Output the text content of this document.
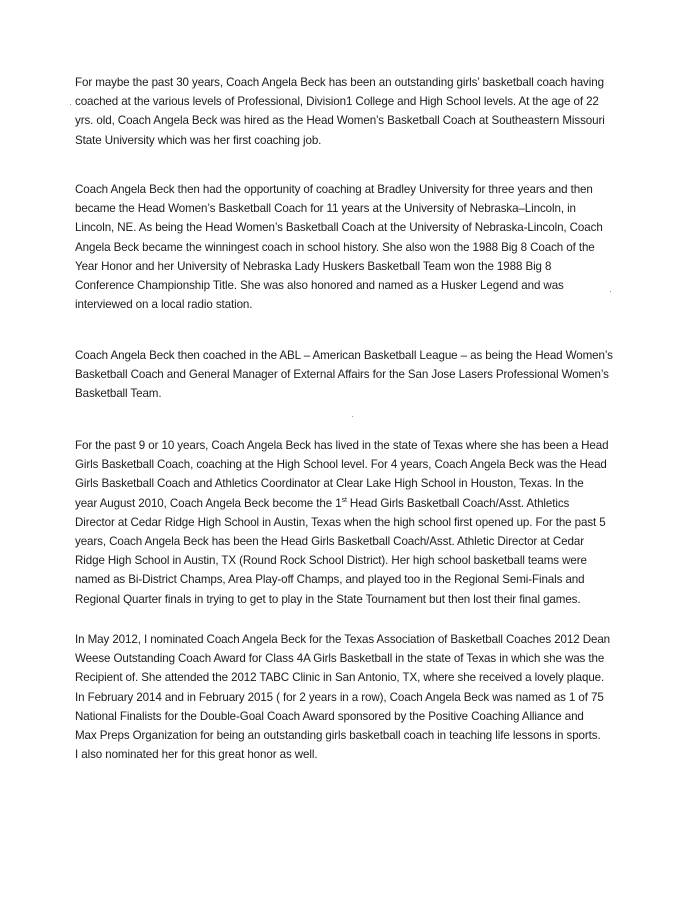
For maybe the past 30 years, Coach Angela Beck has been an outstanding girls’ basketball coach having
coached at the various levels of Professional, Division1 College and High School levels. At the age of 22
yrs. old, Coach Angela Beck was hired as the Head Women’s Basketball Coach at Southeastern Missouri
State University which was her first coaching job.

Coach Angela Beck then had the opportunity of coaching at Bradley University for three years and then
became the Head Women’s Basketball Coach for 11 years at the University of Nebraska–Lincoln, in
Lincoln, NE. As being the Head Women’s Basketball Coach at the University of Nebraska-Lincoln, Coach
Angela Beck became the winningest coach in school history. She also won the 1988 Big 8 Coach of the
Year Honor and her University of Nebraska Lady Huskers Basketball Team won the 1988 Big 8
Conference Championship Title. She was also honored and named as a Husker Legend and was
interviewed on a local radio station.

Coach Angela Beck then coached in the ABL – American Basketball League – as being the Head Women’s
Basketball Coach and General Manager of External Affairs for the San Jose Lasers Professional Women’s
Basketball Team.

For the past 9 or 10 years, Coach Angela Beck has lived in the state of Texas where she has been a Head
Girls Basketball Coach, coaching at the High School level. For 4 years, Coach Angela Beck was the Head
Girls Basketball Coach and Athletics Coordinator at Clear Lake High School in Houston, Texas. In the
year August 2010, Coach Angela Beck become the 1st Head Girls Basketball Coach/Asst. Athletics
Director at Cedar Ridge High School in Austin, Texas when the high school first opened up. For the past 5
years, Coach Angela Beck has been the Head Girls Basketball Coach/Asst. Athletic Director at Cedar
Ridge High School in Austin, TX (Round Rock School District). Her high school basketball teams were
named as Bi-District Champs, Area Play-off Champs, and played too in the Regional Semi-Finals and
Regional Quarter finals in trying to get to play in the State Tournament but then lost their final games.

In May 2012, I nominated Coach Angela Beck for the Texas Association of Basketball Coaches 2012 Dean
Weese Outstanding Coach Award for Class 4A Girls Basketball in the state of Texas in which she was the
Recipient of. She attended the 2012 TABC Clinic in San Antonio, TX, where she received a lovely plaque.
In February 2014 and in February 2015 ( for 2 years in a row), Coach Angela Beck was named as 1 of 75
National Finalists for the Double-Goal Coach Award sponsored by the Positive Coaching Alliance and
Max Preps Organization for being an outstanding girls basketball coach in teaching life lessons in sports.
I also nominated her for this great honor as well.
